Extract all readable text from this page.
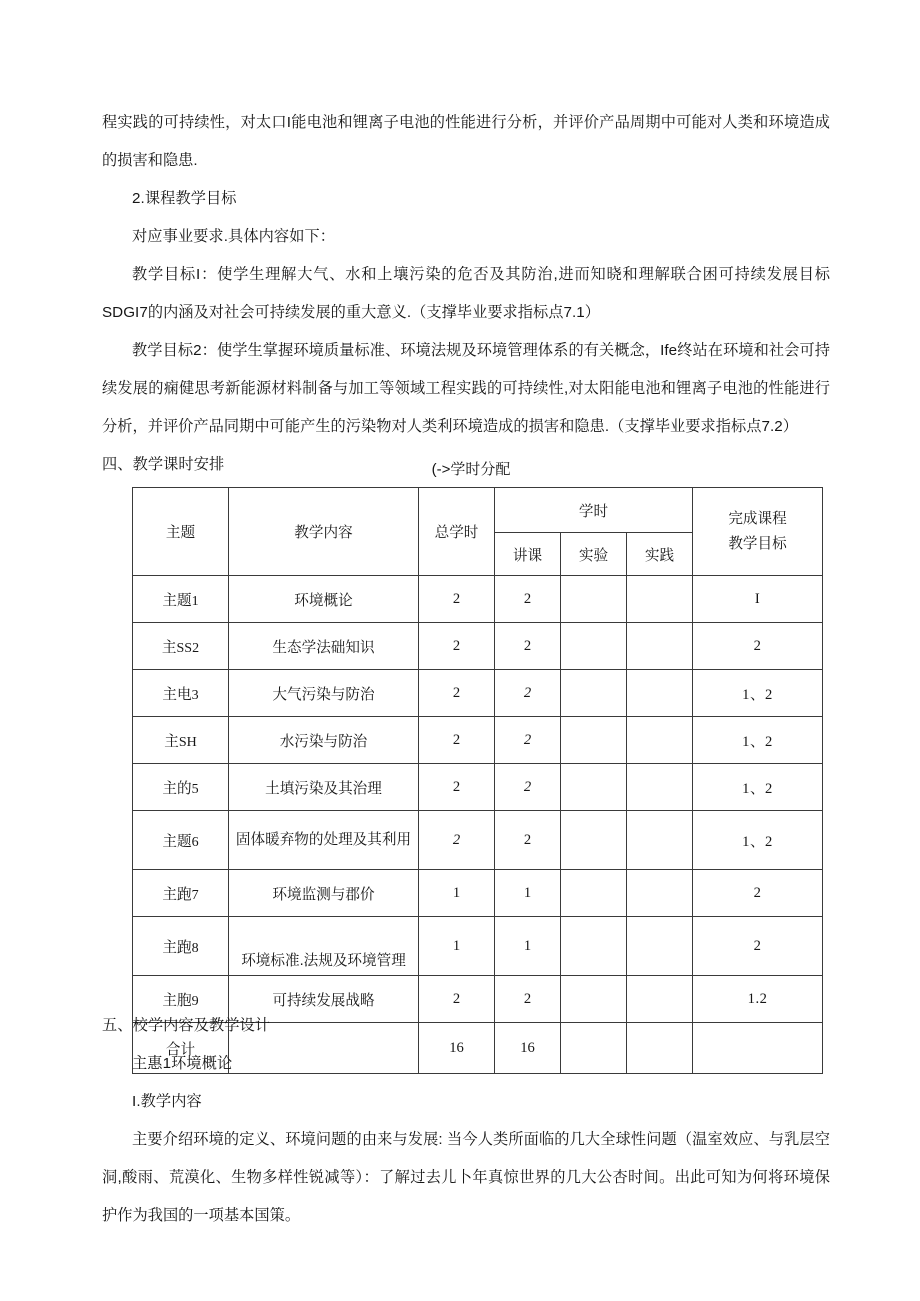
程实践的可持续性，对太口I能电池和锂离子电池的性能进行分析，并评价产品周期中可能对人类和环境造成的损害和隐患.

2.课程教学目标

对应事业要求.具体内容如下：

教学目标I：使学生理解大气、水和上壤污染的危否及其防治,进而知晓和理解联合困可持续发展目标SDGI7的内涵及对社会可持续发展的重大意义.（支撑毕业要求指标点7.1）

教学目标2：使学生掌握环境质量标准、环境法规及环境管理体系的有关概念，Ife终站在环境和社会可持续发展的痫健思考新能源材料制备与加工等领域工程实践的可持续性,对太阳能电池和锂离子电池的性能进行分析，并评价产品同期中可能产生的污染物对人类利环境造成的损害和隐患.（支撑毕业要求指标点7.2）

四、教学课时安排	(->学时分配

主题	教学内容	总学时	学时			完成课程
教学目标

			讲课	实验	实践	
主题1	环境概论	2	2			I
主SS2	生态学法础知识	2	2			2
主电3	大气污染与防治	2	2			1、2
主SH	水污染与防治	2	2			1、2
主的5	土填污染及其治理	2	2			1、2
主题6	固体暖弃物的处理及其利用	2	2			1、2
主跑7	环境监测与郡价	1	1			2
主跑8	环境标准.法规及环境管理	1	1			2
主胞9	可持续发展战略	2	2			1.2
合计		16	16			

五、校学内容及教学设计

主惠1环境概论

I.教学内容

主要介绍环境的定义、环境问题的由来与发展: 当今人类所面临的几大全球性问题（温室效应、与乳层空洞,酸雨、荒漠化、生物多样性锐减等）：了解过去儿卜年真惊世界的几大公杏时间。出此可知为何将环境保护作为我国的一项基本国策。
